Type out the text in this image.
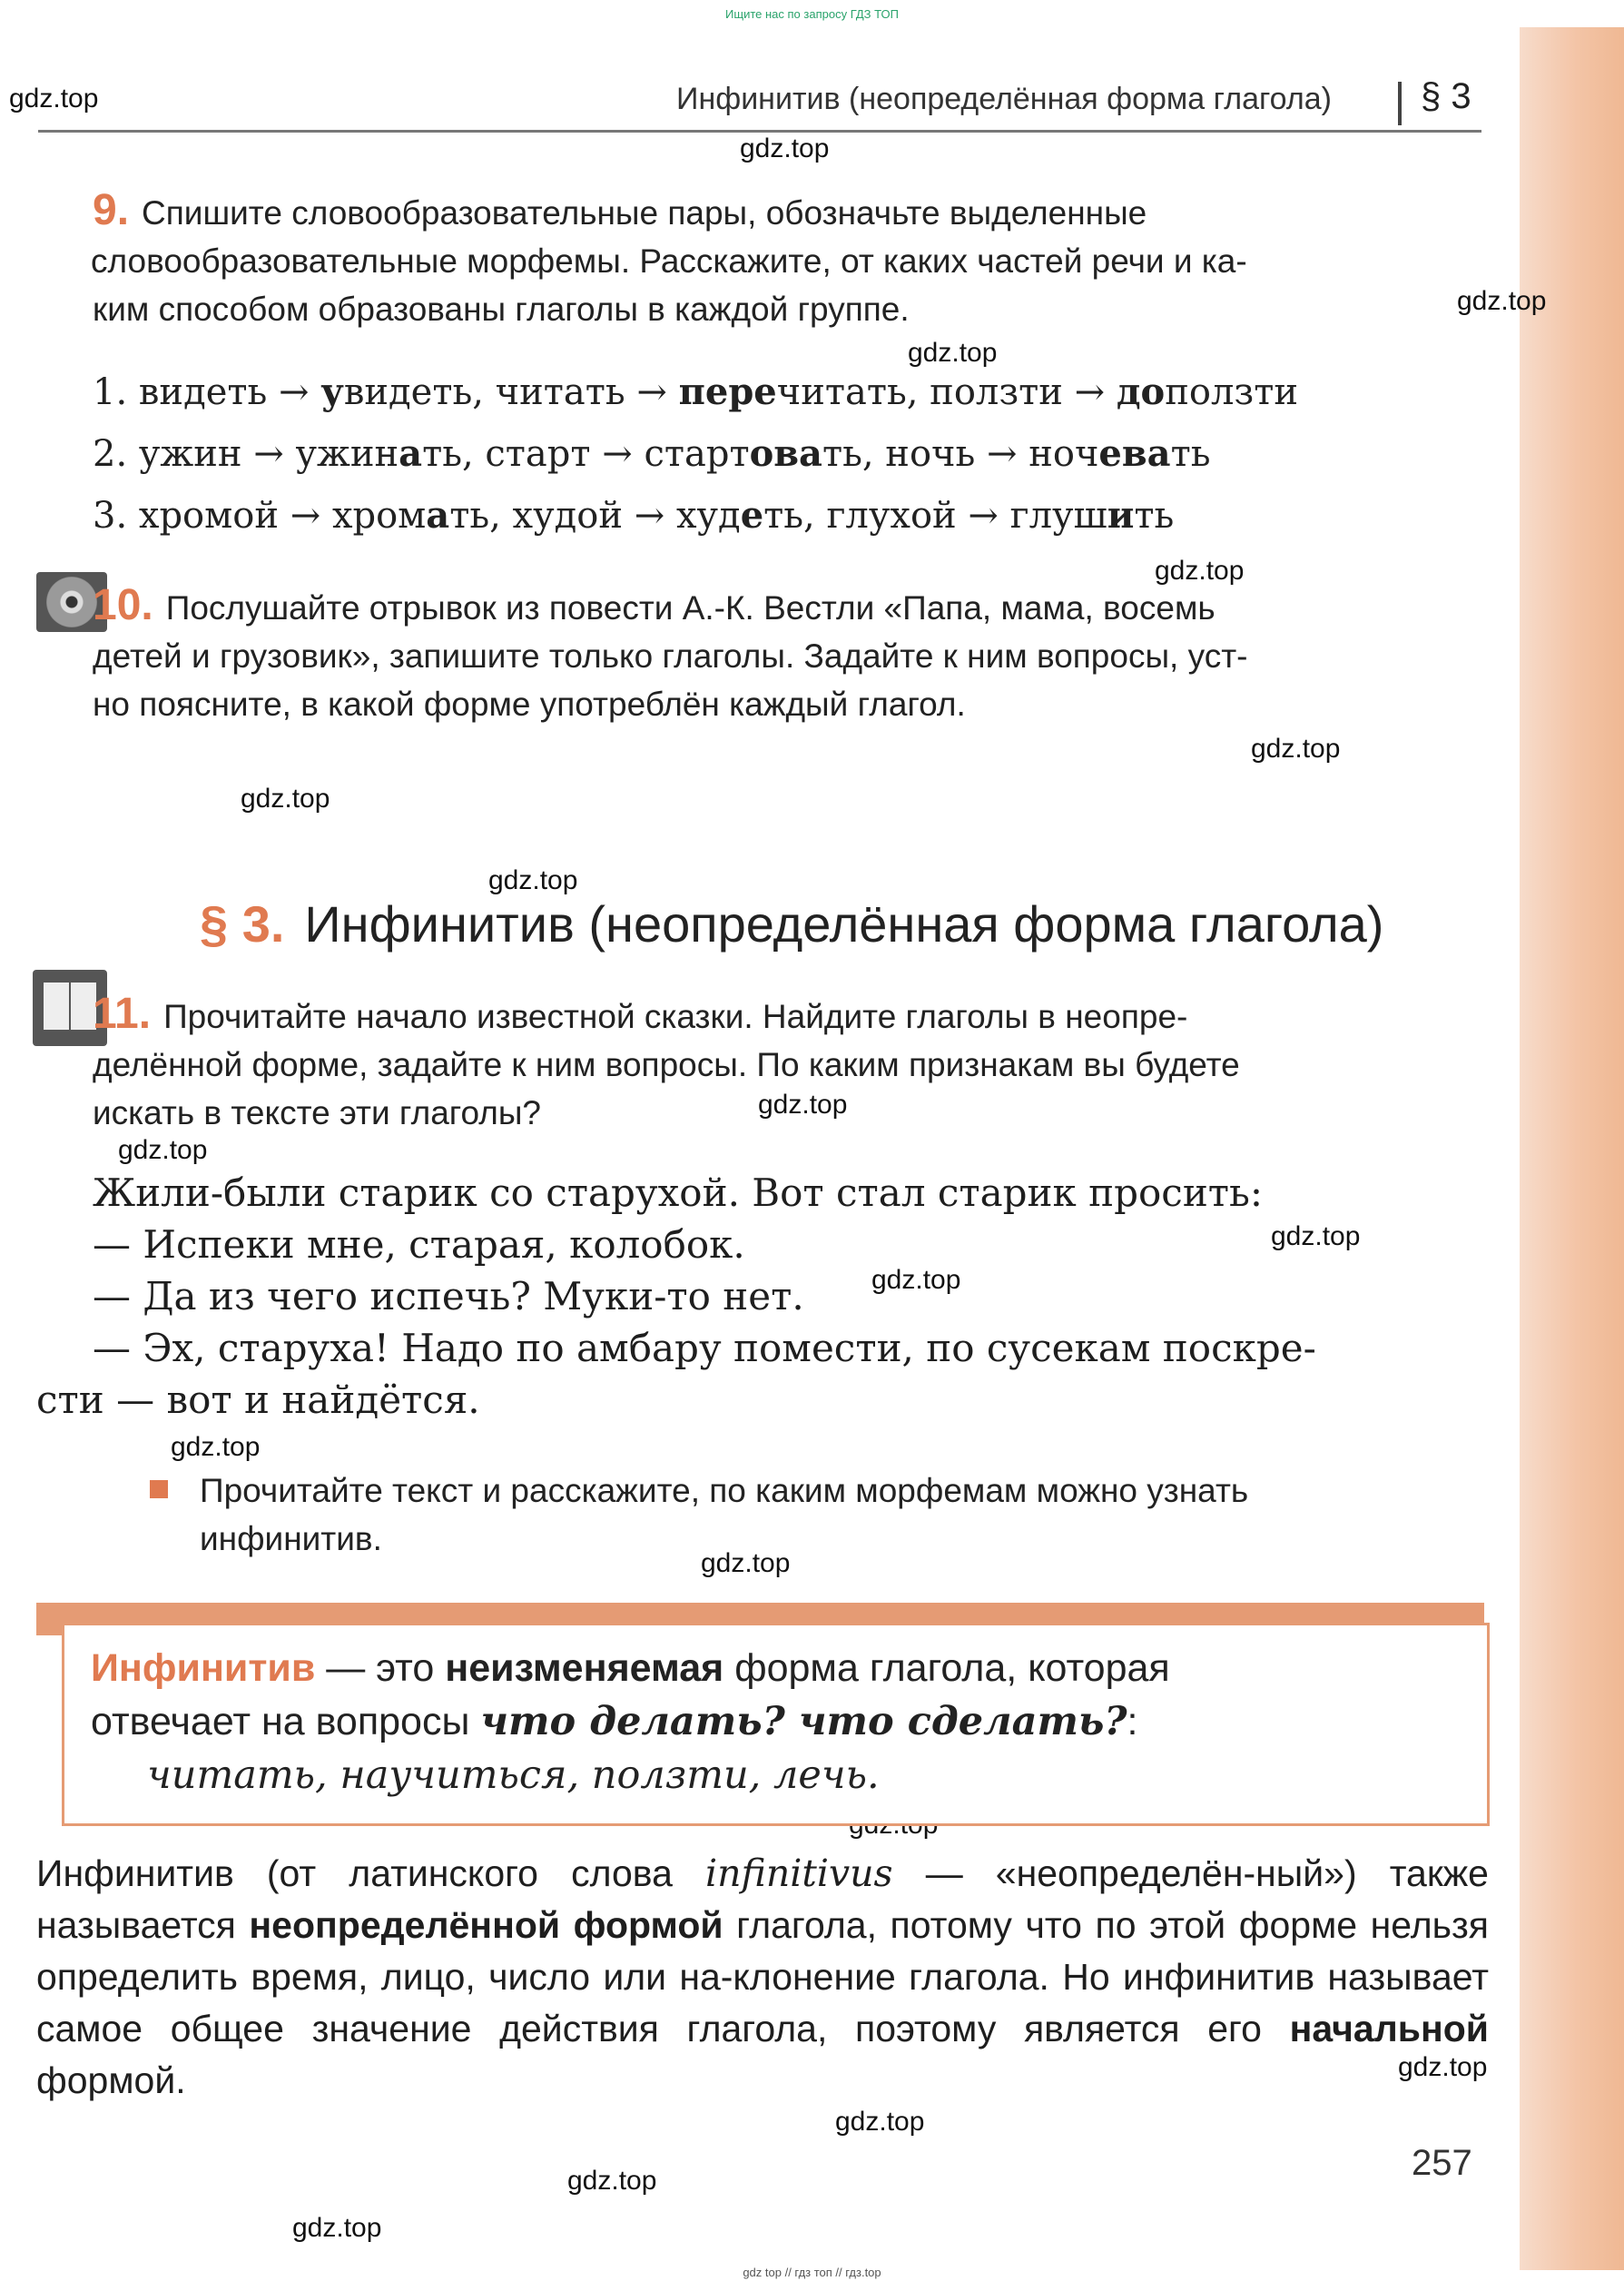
Ищите нас по запросу ГДЗ ТОП
gdz.top
gdz.top
gdz.top
gdz.top
gdz.top
gdz.top
gdz.top
gdz.top
gdz.top
gdz.top
gdz.top
gdz.top
gdz.top
gdz.top
gdz.top
gdz.top
gdz.top
gdz.top
Инфинитив (неопределённая форма глагола) § 3
9. Спишите словообразовательные пары, обозначьте выделенные
словообразовательные морфемы. Расскажите, от каких частей речи и ка-
ким способом образованы глаголы в каждой группе.
1. видеть → увидеть, читать → перечитать, ползти → доползти
2. ужин → ужинать, старт → стартовать, ночь → ночевать
3. хромой → хромать, худой → худеть, глухой → глушить
10. Послушайте отрывок из повести А.-К. Вестли «Папа, мама, восемь
детей и грузовик», запишите только глаголы. Задайте к ним вопросы, уст-
но поясните, в какой форме употреблён каждый глагол.
§ 3. Инфинитив (неопределённая форма глагола)
11. Прочитайте начало известной сказки. Найдите глаголы в неопре-
делённой форме, задайте к ним вопросы. По каким признакам вы будете
искать в тексте эти глаголы?
Жили-были старик со старухой. Вот стал старик просить:
— Испеки мне, старая, колобок.
— Да из чего испечь? Муки-то нет.
— Эх, старуха! Надо по амбару помести, по сусекам поскре-
сти — вот и найдётся.
Прочитайте текст и расскажите, по каким морфемам можно узнать
инфинитив.
Инфинитив — это неизменяемая форма глагола, которая
отвечает на вопросы что делать? что сделать?:
читать, научиться, ползти, лечь.
Инфинитив (от латинского слова infinitivus — «неопределён-ный») также называется неопределённой формой глагола, потому что по этой форме нельзя определить время, лицо, число или на-клонение глагола. Но инфинитив называет самое общее значение действия глагола, поэтому является его начальной формой.
257
gdz top // гдз топ // гдз.top
